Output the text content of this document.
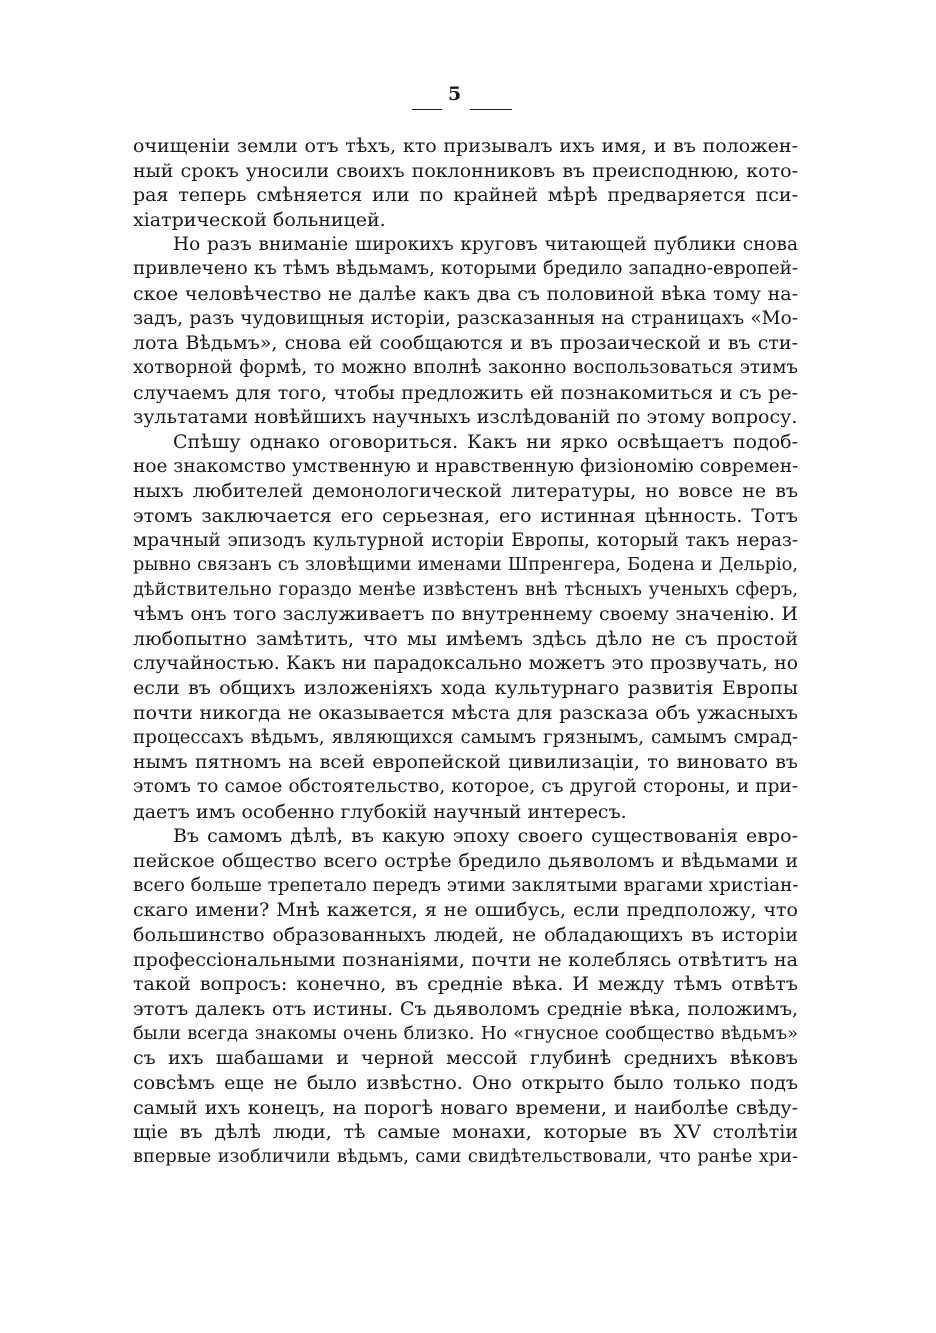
5
очищенiи земли отъ тѣхъ, кто призывалъ ихъ имя, и въ положен-
ный срокъ уносили своихъ поклонниковъ въ преисподнюю, кото-
рая теперь смѣняется или по крайней мѣрѣ предваряется пси-
хiатрической больницей.
Но разъ вниманiе широкихъ круговъ читающей публики снова
привлечено къ тѣмъ вѣдьмамъ, которыми бредило западно-европей-
ское человѣчество не далѣе какъ два съ половиной вѣка тому на-
задъ, разъ чудовищныя исторiи, разсказанныя на страницахъ «Мо-
лота Вѣдьмъ», снова ей сообщаются и въ прозаической и въ сти-
хотворной формѣ, то можно вполнѣ законно воспользоваться этимъ
случаемъ для того, чтобы предложить ей познакомиться и съ ре-
зультатами новѣйшихъ научныхъ изслѣдованiй по этому вопросу.
Спѣшу однако оговориться. Какъ ни ярко освѣщаетъ подоб-
ное знакомство умственную и нравственную физiономiю современ-
ныхъ любителей демонологической литературы, но вовсе не въ
этомъ заключается его серьезная, его истинная цѣнность. Тотъ
мрачный эпизодъ культурной исторiи Европы, который такъ нераз-
рывно связанъ съ зловѣщими именами Шпренгера, Бодена и Дельрiо,
дѣйствительно гораздо менѣе извѣстенъ внѣ тѣсныхъ ученыхъ сферъ,
чѣмъ онъ того заслуживаетъ по внутреннему своему значенiю. И
любопытно замѣтить, что мы имѣемъ здѣсь дѣло не съ простой
случайностью. Какъ ни парадоксально можетъ это прозвучать, но
если въ общихъ изложенiяхъ хода культурнаго развитiя Европы
почти никогда не оказывается мѣста для разсказа объ ужасныхъ
процессахъ вѣдьмъ, являющихся самымъ грязнымъ, самымъ смрад-
нымъ пятномъ на всей европейской цивилизацiи, то виновато въ
этомъ то самое обстоятельство, которое, съ другой стороны, и при-
даетъ имъ особенно глубокiй научный интересъ.
Въ самомъ дѣлѣ, въ какую эпоху своего существованiя евро-
пейское общество всего острѣе бредило дьяволомъ и вѣдьмами и
всего больше трепетало передъ этими заклятыми врагами христiан-
скаго имени? Мнѣ кажется, я не ошибусь, если предположу, что
большинство образованныхъ людей, не обладающихъ въ исторiи
профессiональными познанiями, почти не колеблясь отвѣтитъ на
такой вопросъ: конечно, въ среднiе вѣка. И между тѣмъ отвѣтъ
этотъ далекъ отъ истины. Съ дьяволомъ среднiе вѣка, положимъ,
были всегда знакомы очень близко. Но «гнусное сообщество вѣдьмъ»
съ ихъ шабашами и черной мессой глубинѣ среднихъ вѣковъ
совсѣмъ еще не было извѣстно. Оно открыто было только подъ
самый ихъ конецъ, на порогѣ новаго времени, и наиболѣе свѣду-
щiе въ дѣлѣ люди, тѣ самые монахи, которые въ XV столѣтiи
впервые изобличили вѣдьмъ, сами свидѣтельствовали, что ранѣе хри-
